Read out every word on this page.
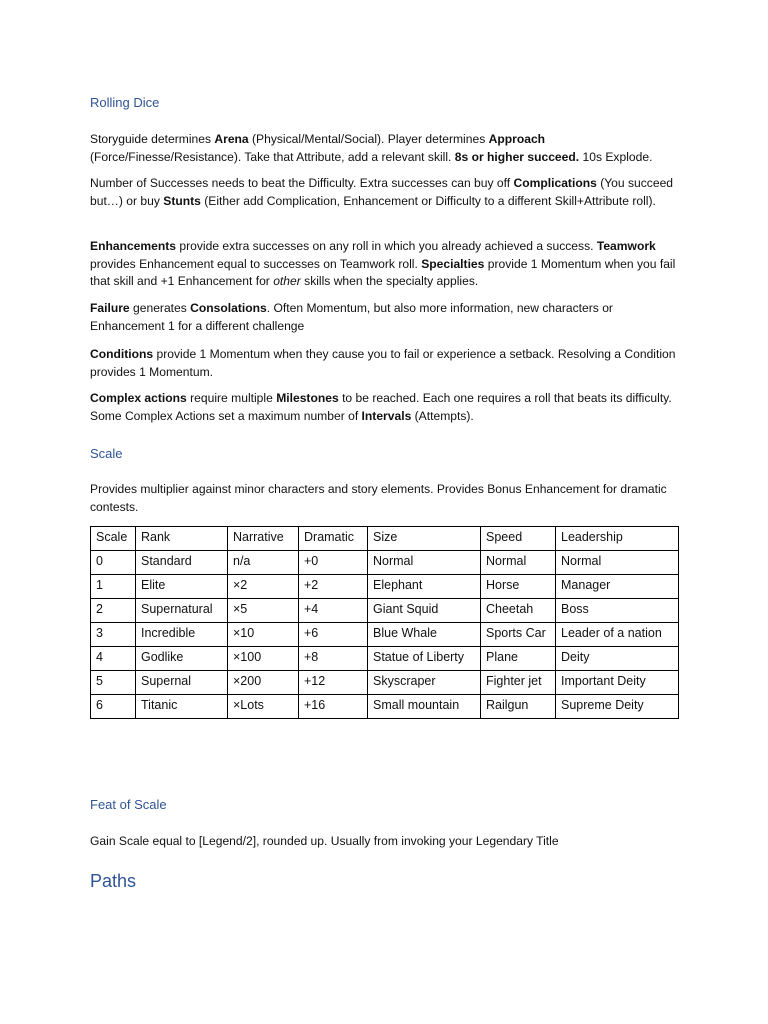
Rolling Dice

Storyguide determines Arena (Physical/Mental/Social). Player determines Approach (Force/Finesse/Resistance). Take that Attribute, add a relevant skill. 8s or higher succeed. 10s Explode.

Number of Successes needs to beat the Difficulty. Extra successes can buy off Complications (You succeed but…) or buy Stunts (Either add Complication, Enhancement or Difficulty to a different Skill+Attribute roll).

Enhancements provide extra successes on any roll in which you already achieved a success. Teamwork provides Enhancement equal to successes on Teamwork roll. Specialties provide 1 Momentum when you fail that skill and +1 Enhancement for other skills when the specialty applies.

Failure generates Consolations. Often Momentum, but also more information, new characters or Enhancement 1 for a different challenge

Conditions provide 1 Momentum when they cause you to fail or experience a setback. Resolving a Condition provides 1 Momentum.

Complex actions require multiple Milestones to be reached. Each one requires a roll that beats its difficulty. Some Complex Actions set a maximum number of Intervals (Attempts).

Scale

Provides multiplier against minor characters and story elements. Provides Bonus Enhancement for dramatic contests.

Scale	Rank	Narrative	Dramatic	Size	Speed	Leadership
0	Standard	n/a	+0	Normal	Normal	Normal
1	Elite	×2	+2	Elephant	Horse	Manager
2	Supernatural	×5	+4	Giant Squid	Cheetah	Boss
3	Incredible	×10	+6	Blue Whale	Sports Car	Leader of a nation
4	Godlike	×100	+8	Statue of Liberty	Plane	Deity
5	Supernal	×200	+12	Skyscraper	Fighter jet	Important Deity
6	Titanic	×Lots	+16	Small mountain	Railgun	Supreme Deity
Feat of Scale

Gain Scale equal to [Legend/2], rounded up. Usually from invoking your Legendary Title

Paths
